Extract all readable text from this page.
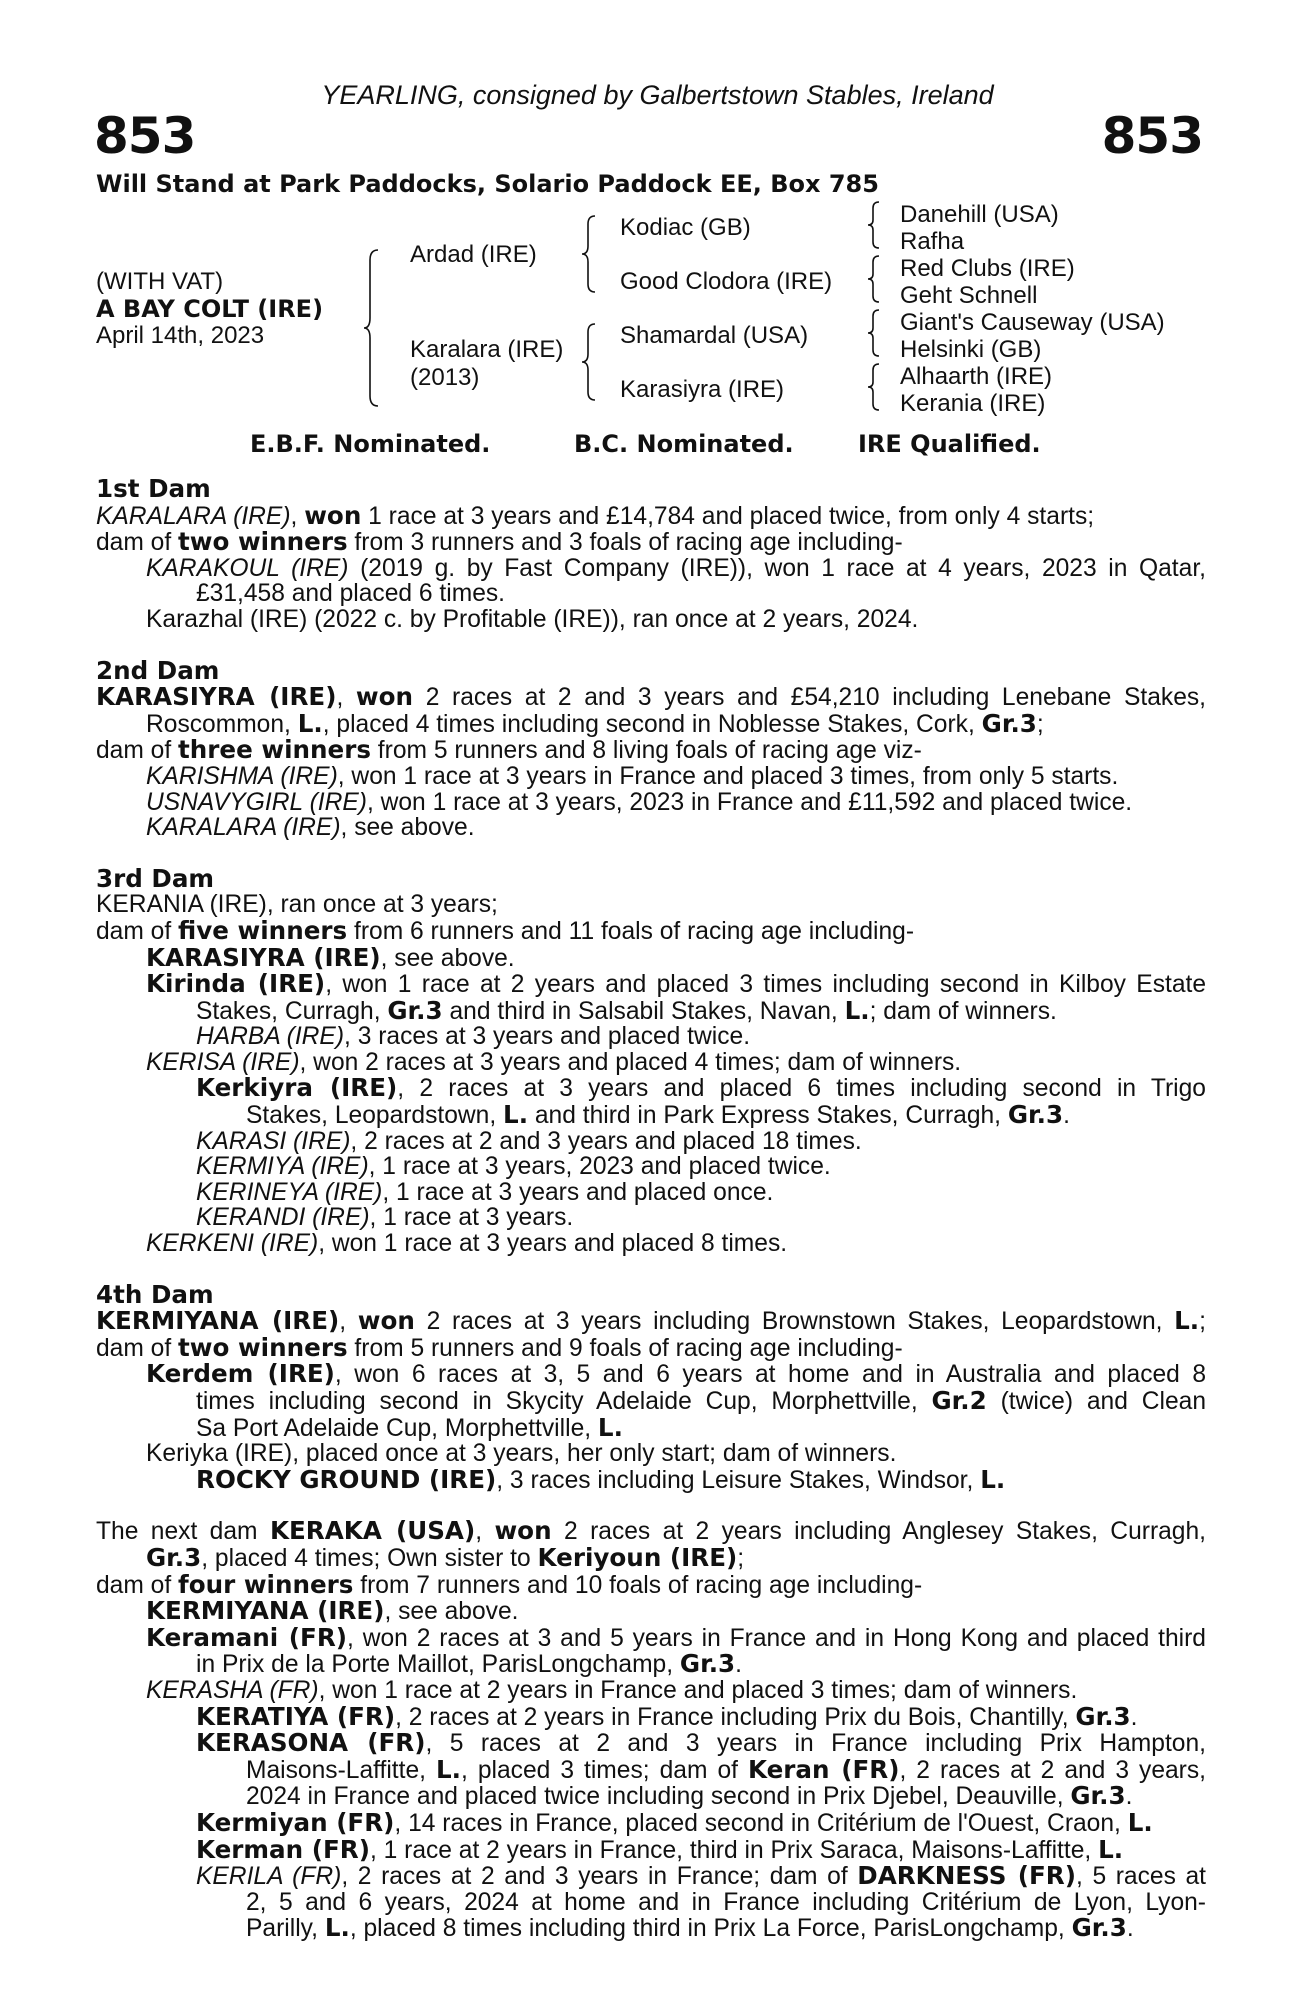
YEARLING, consigned by Galbertstown Stables, Ireland
853	853
Will Stand at Park Paddocks, Solario Paddock EE, Box 785
(WITH VAT)
A BAY COLT (IRE)
April 14th, 2023
Ardad (IRE)
Karalara (IRE)
(2013)
Kodiac (GB)
Good Clodora (IRE)
Shamardal (USA)
Karasiyra (IRE)
Danehill (USA)
Rafha
Red Clubs (IRE)
Geht Schnell
Giant's Causeway (USA)
Helsinki (GB)
Alhaarth (IRE)
Kerania (IRE)
E.B.F. Nominated.	B.C. Nominated.	IRE Qualified.
1st Dam
KARALARA (IRE), won 1 race at 3 years and £14,784 and placed twice, from only 4 starts;
dam of two winners from 3 runners and 3 foals of racing age including-
KARAKOUL (IRE) (2019 g. by Fast Company (IRE)), won 1 race at 4 years, 2023 in Qatar,
£31,458 and placed 6 times.
Karazhal (IRE) (2022 c. by Profitable (IRE)), ran once at 2 years, 2024.
2nd Dam
KARASIYRA (IRE), won 2 races at 2 and 3 years and £54,210 including Lenebane Stakes,
Roscommon, L., placed 4 times including second in Noblesse Stakes, Cork, Gr.3;
dam of three winners from 5 runners and 8 living foals of racing age viz-
KARISHMA (IRE), won 1 race at 3 years in France and placed 3 times, from only 5 starts.
USNAVYGIRL (IRE), won 1 race at 3 years, 2023 in France and £11,592 and placed twice.
KARALARA (IRE), see above.
3rd Dam
KERANIA (IRE), ran once at 3 years;
dam of five winners from 6 runners and 11 foals of racing age including-
KARASIYRA (IRE), see above.
Kirinda (IRE), won 1 race at 2 years and placed 3 times including second in Kilboy Estate
Stakes, Curragh, Gr.3 and third in Salsabil Stakes, Navan, L.; dam of winners.
HARBA (IRE), 3 races at 3 years and placed twice.
KERISA (IRE), won 2 races at 3 years and placed 4 times; dam of winners.
Kerkiyra (IRE), 2 races at 3 years and placed 6 times including second in Trigo
Stakes, Leopardstown, L. and third in Park Express Stakes, Curragh, Gr.3.
KARASI (IRE), 2 races at 2 and 3 years and placed 18 times.
KERMIYA (IRE), 1 race at 3 years, 2023 and placed twice.
KERINEYA (IRE), 1 race at 3 years and placed once.
KERANDI (IRE), 1 race at 3 years.
KERKENI (IRE), won 1 race at 3 years and placed 8 times.
4th Dam
KERMIYANA (IRE), won 2 races at 3 years including Brownstown Stakes, Leopardstown, L.;
dam of two winners from 5 runners and 9 foals of racing age including-
Kerdem (IRE), won 6 races at 3, 5 and 6 years at home and in Australia and placed 8
times including second in Skycity Adelaide Cup, Morphettville, Gr.2 (twice) and Clean
Sa Port Adelaide Cup, Morphettville, L.
Keriyka (IRE), placed once at 3 years, her only start; dam of winners.
ROCKY GROUND (IRE), 3 races including Leisure Stakes, Windsor, L.
The next dam KERAKA (USA), won 2 races at 2 years including Anglesey Stakes, Curragh,
Gr.3, placed 4 times; Own sister to Keriyoun (IRE);
dam of four winners from 7 runners and 10 foals of racing age including-
KERMIYANA (IRE), see above.
Keramani (FR), won 2 races at 3 and 5 years in France and in Hong Kong and placed third
in Prix de la Porte Maillot, ParisLongchamp, Gr.3.
KERASHA (FR), won 1 race at 2 years in France and placed 3 times; dam of winners.
KERATIYA (FR), 2 races at 2 years in France including Prix du Bois, Chantilly, Gr.3.
KERASONA (FR), 5 races at 2 and 3 years in France including Prix Hampton,
Maisons-Laffitte, L., placed 3 times; dam of Keran (FR), 2 races at 2 and 3 years,
2024 in France and placed twice including second in Prix Djebel, Deauville, Gr.3.
Kermiyan (FR), 14 races in France, placed second in Critérium de l'Ouest, Craon, L.
Kerman (FR), 1 race at 2 years in France, third in Prix Saraca, Maisons-Laffitte, L.
KERILA (FR), 2 races at 2 and 3 years in France; dam of DARKNESS (FR), 5 races at
2, 5 and 6 years, 2024 at home and in France including Critérium de Lyon, Lyon-
Parilly, L., placed 8 times including third in Prix La Force, ParisLongchamp, Gr.3.
